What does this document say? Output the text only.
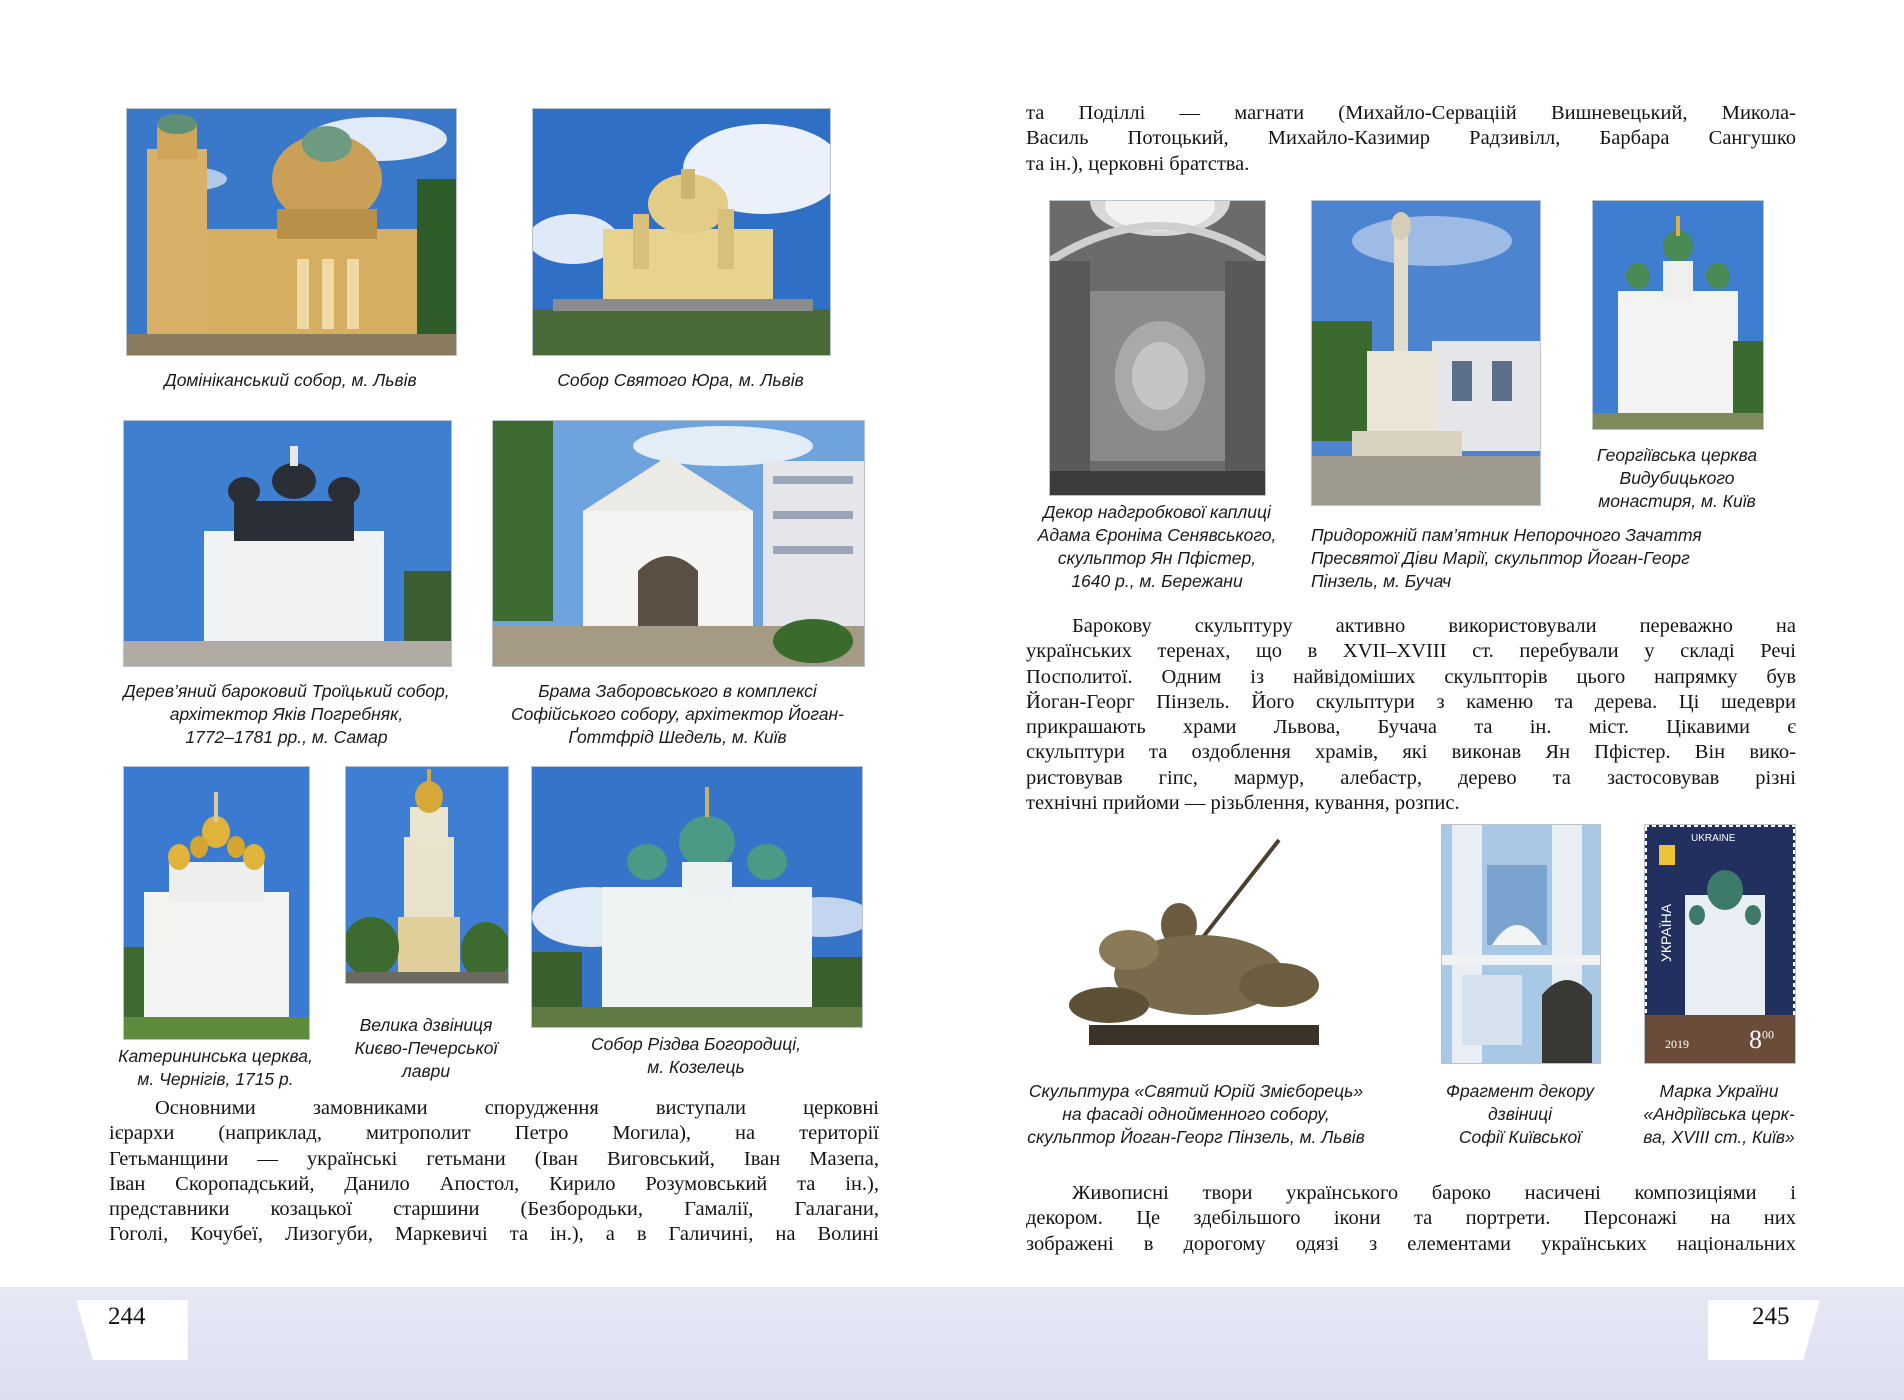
Домініканський собор, м. Львів	Собор Святого Юра, м. Львів
Дерев’яний бароковий Троїцький собор,
архітектор Яків Погребняк,
1772–1781 рр., м. Самар
Брама Заборовського в комплексі
Софійського собору, архітектор Йоган-
Ґоттфрід Шедель, м. Київ
Катерининська церква,
м. Чернігів, 1715 р.
Велика дзвіниця
Києво-Печерської
лаври
Собор Різдва Богородиці,
м. Козелець
Основними замовниками спорудження виступали церковні
ієрархи (наприклад, митрополит Петро Могила), на території
Гетьманщини — українські гетьмани (Іван Виговський, Іван Мазепа,
Іван Скоропадський, Данило Апостол, Кирило Розумовський та ін.),
представники козацької старшини (Безбородьки, Гамалії, Галагани,
Гоголі, Кочубеї, Лизогуби, Маркевичі та ін.), а в Галичині, на Волині
244
та Поділлі — магнати (Михайло-Серваціій Вишневецький, Микола-
Василь Потоцький, Михайло-Казимир Радзивілл, Барбара Сангушко
та ін.), церковні братства.
Декор надгробкової каплиці
Адама Єроніма Сенявського,
скульптор Ян Пфістер,
1640 р., м. Бережани
Придорожній пам’ятник Непорочного Зачаття
Пресвятої Діви Марії, скульптор Йоган-Георг
Пінзель, м. Бучач
Георгіївська церква
Видубицького
монастиря, м. Київ
Барокову скульптуру активно використовували переважно на
українських теренах, що в XVII–XVIII ст. перебували у складі Речі
Посполитої. Одним із найвідоміших скульпторів цього напрямку був
Йоган-Георг Пінзель. Його скульптури з каменю та дерева. Ці шедеври
прикрашають храми Львова, Бучача та ін. міст. Цікавими є
скульптури та оздоблення храмів, які виконав Ян Пфістер. Він вико-
ристовував гіпс, мармур, алебастр, дерево та застосовував різні
технічні прийоми — різьблення, кування, розпис.
Скульптура «Святий Юрій Змієборець»
на фасаді однойменного собору,
скульптор Йоган-Георг Пінзель, м. Львів
Фрагмент декору
дзвіниці
Софії Київської
UKRAINE
УКРАЇНА
2019 $8^{00}$
Марка України
«Андріївська церк-
ва, XVIII ст., Київ»
Живописні твори українського бароко насичені композиціями і
декором. Це здебільшого ікони та портрети. Персонажі на них
зображені в дорогому одязі з елементами українських національних
245
